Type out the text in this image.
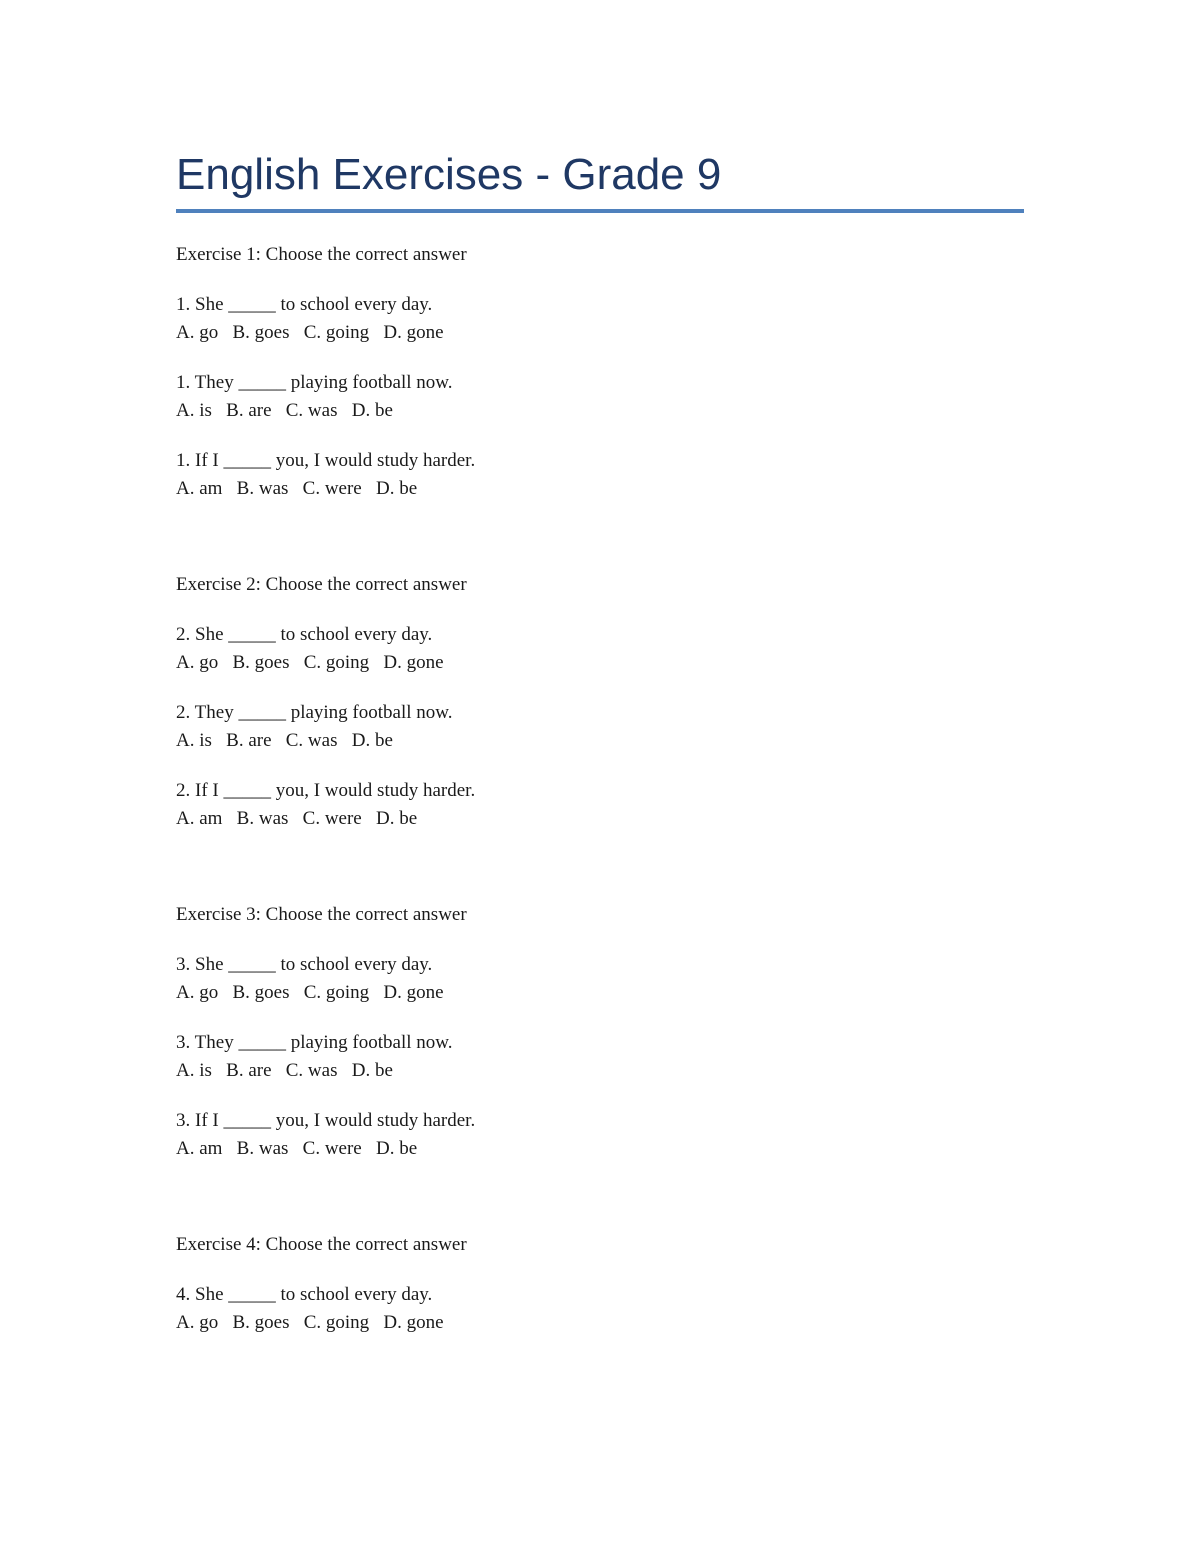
English Exercises - Grade 9
Exercise 1: Choose the correct answer
1. She _____ to school every day.
A. go   B. goes   C. going   D. gone
1. They _____ playing football now.
A. is   B. are   C. was   D. be
1. If I _____ you, I would study harder.
A. am   B. was   C. were   D. be
Exercise 2: Choose the correct answer
2. She _____ to school every day.
A. go   B. goes   C. going   D. gone
2. They _____ playing football now.
A. is   B. are   C. was   D. be
2. If I _____ you, I would study harder.
A. am   B. was   C. were   D. be
Exercise 3: Choose the correct answer
3. She _____ to school every day.
A. go   B. goes   C. going   D. gone
3. They _____ playing football now.
A. is   B. are   C. was   D. be
3. If I _____ you, I would study harder.
A. am   B. was   C. were   D. be
Exercise 4: Choose the correct answer
4. She _____ to school every day.
A. go   B. goes   C. going   D. gone
